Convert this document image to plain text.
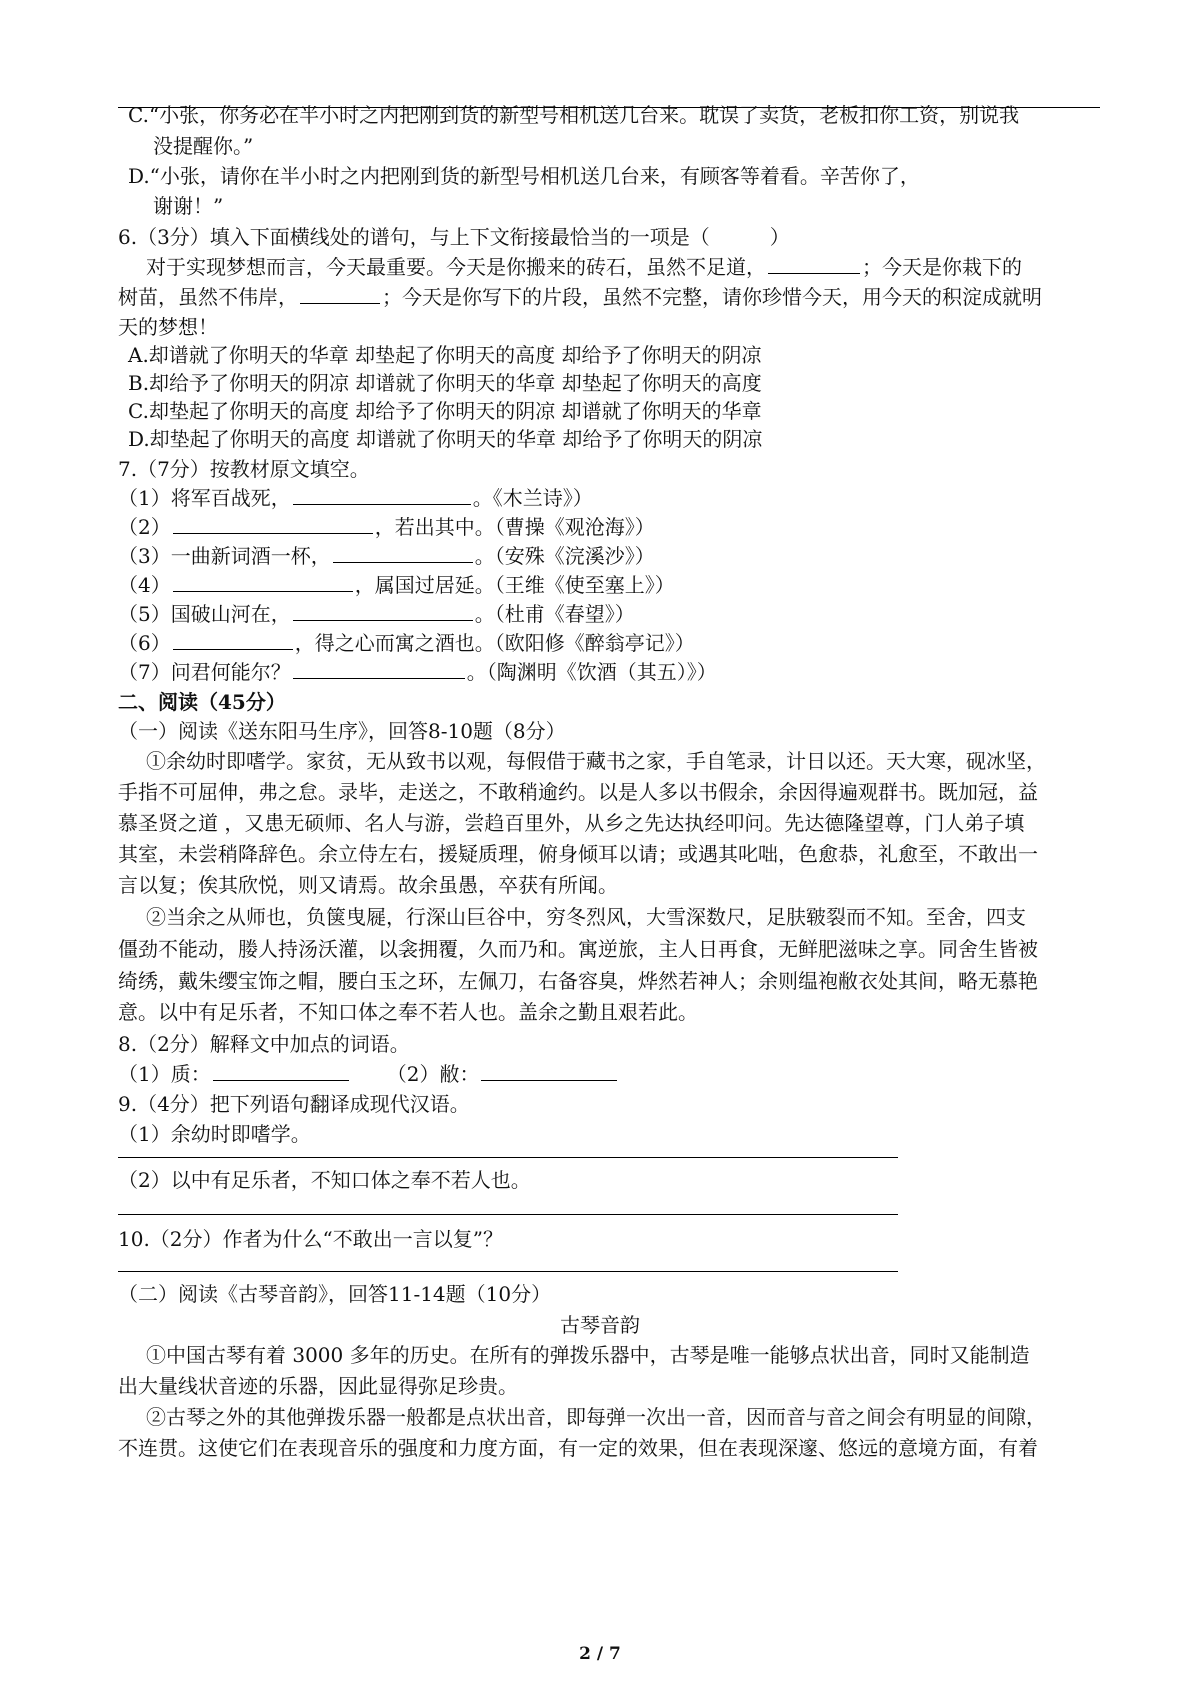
C.“小张，你务必在半小时之内把刚到货的新型号相机送几台来。耽误了卖货，老板扣你工资，别说我
没提醒你。”
D.“小张，请你在半小时之内把刚到货的新型号相机送几台来，有顾客等着看。辛苦你了，
谢谢！”
6.（3分）填入下面横线处的谱句，与上下文衔接最恰当的一项是（　　　）
对于实现梦想而言，今天最重要。今天是你搬来的砖石，虽然不足道，	；今天是你栽下的
树苗，虽然不伟岸，	；今天是你写下的片段，虽然不完整，请你珍惜今天，用今天的积淀成就明
天的梦想！
A.却谱就了你明天的华章 却垫起了你明天的高度 却给予了你明天的阴凉
B.却给予了你明天的阴凉 却谱就了你明天的华章 却垫起了你明天的高度
C.却垫起了你明天的高度 却给予了你明天的阴凉 却谱就了你明天的华章
D.却垫起了你明天的高度 却谱就了你明天的华章 却给予了你明天的阴凉
7.（7分）按教材原文填空。
（1）将军百战死，	。《木兰诗》）
（2）	，若出其中。（曹操《观沧海》）
（3）一曲新词酒一杯，	。（安殊《浣溪沙》）
（4）	，属国过居延。（王维《使至塞上》）
（5）国破山河在，	。（杜甫《春望》）
（6）	，得之心而寓之酒也。（欧阳修《醉翁亭记》）
（7）问君何能尔？	。（陶渊明《饮酒（其五）》）
二、阅读（45分）
（一）阅读《送东阳马生序》，回答8-10题（8分）
①余幼时即嗜学。家贫，无从致书以观，每假借于藏书之家，手自笔录，计日以还。天大寒，砚冰坚，
手指不可屈伸，弗之怠。录毕，走送之，不敢稍逾约。以是人多以书假余，余因得遍观群书。既加冠，益
慕圣贤之道 ，又患无硕师、名人与游，尝趋百里外，从乡之先达执经叩问。先达德隆望尊，门人弟子填
其室，未尝稍降辞色。余立侍左右，援疑质理，俯身倾耳以请；或遇其叱咄，色愈恭，礼愈至，不敢出一
言以复；俟其欣悦，则又请焉。故余虽愚，卒获有所闻。
②当余之从师也，负箧曳屣，行深山巨谷中，穷冬烈风，大雪深数尺，足肤皲裂而不知。至舍，四支
僵劲不能动，媵人持汤沃灌，以衾拥覆，久而乃和。寓逆旅，主人日再食，无鲜肥滋味之享。同舍生皆被
绮绣，戴朱缨宝饰之帽，腰白玉之环，左佩刀，右备容臭，烨然若神人；余则缊袍敝衣处其间，略无慕艳
意。以中有足乐者，不知口体之奉不若人也。盖余之勤且艰若此。
8.（2分）解释文中加点的词语。
（1）质：	（2）敝：
9.（4分）把下列语句翻译成现代汉语。
（1）余幼时即嗜学。
（2）以中有足乐者，不知口体之奉不若人也。
10.（2分）作者为什么“不敢出一言以复”？
（二）阅读《古琴音韵》，回答11-14题（10分）
古琴音韵
①中国古琴有着 3000 多年的历史。在所有的弹拨乐器中，古琴是唯一能够点状出音，同时又能制造
出大量线状音迹的乐器，因此显得弥足珍贵。
②古琴之外的其他弹拨乐器一般都是点状出音，即每弹一次出一音，因而音与音之间会有明显的间隙，
不连贯。这使它们在表现音乐的强度和力度方面，有一定的效果，但在表现深邃、悠远的意境方面，有着
2 / 7
